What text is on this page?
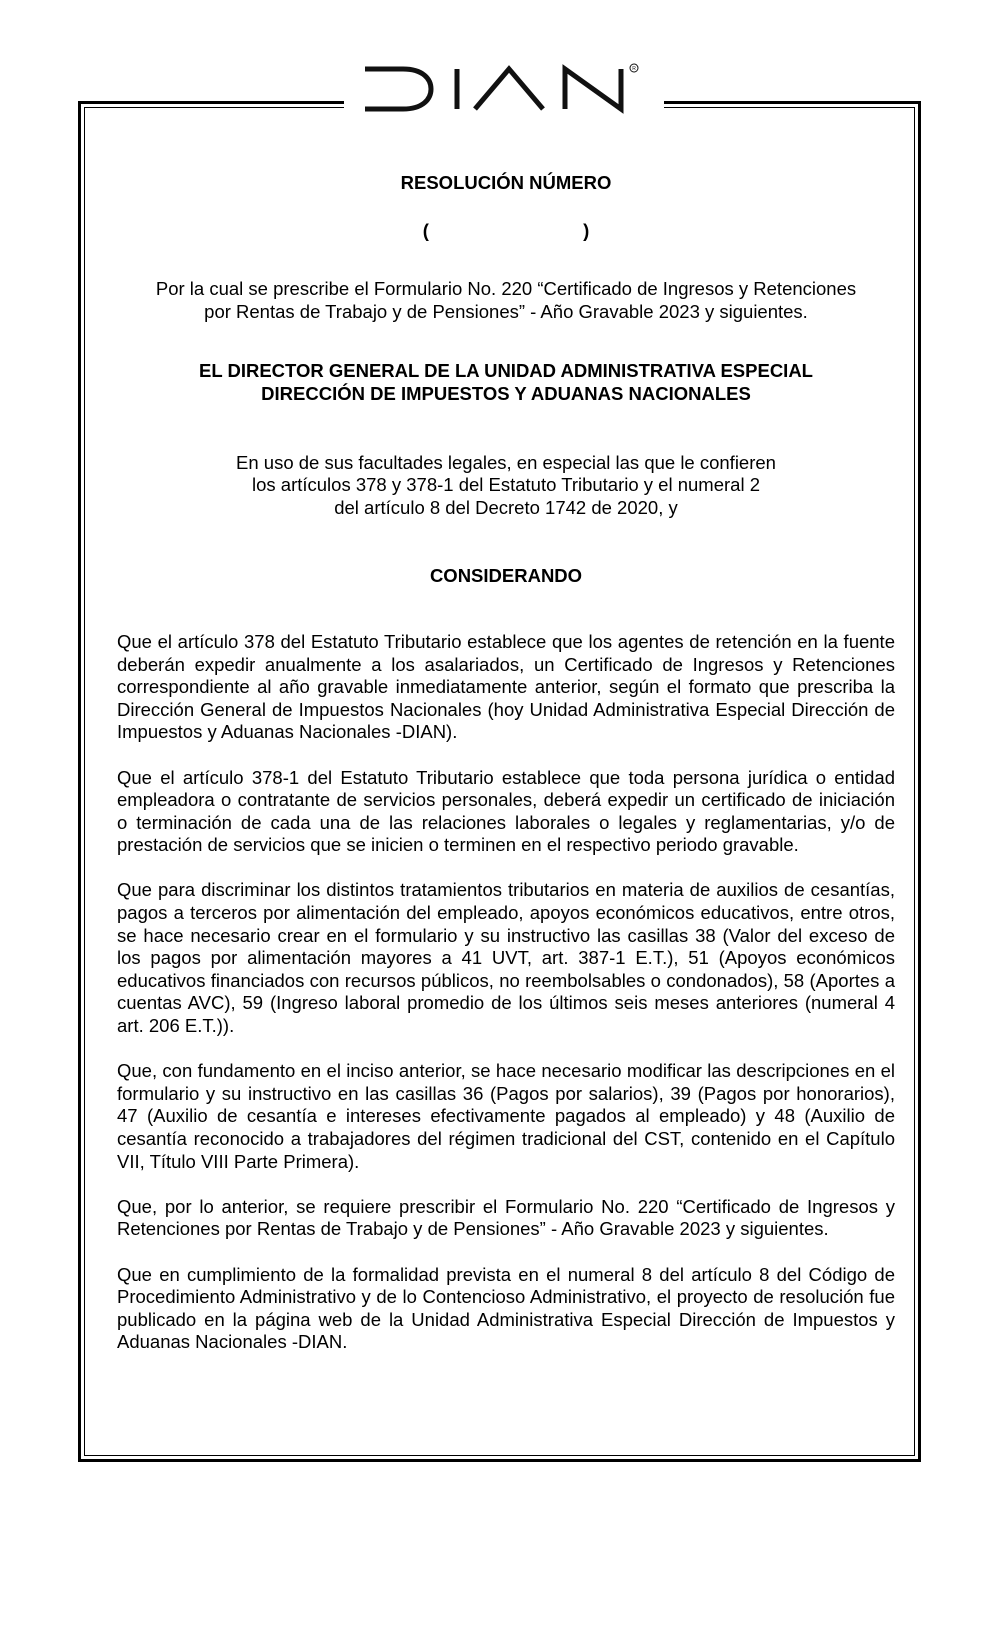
R
DIAN
RESOLUCIÓN NÚMERO
(                              )
Por la cual se prescribe el Formulario No. 220 “Certificado de Ingresos y Retenciones
por Rentas de Trabajo y de Pensiones” - Año Gravable 2023 y siguientes.
EL DIRECTOR GENERAL DE LA UNIDAD ADMINISTRATIVA ESPECIAL
DIRECCIÓN DE IMPUESTOS Y ADUANAS NACIONALES
En uso de sus facultades legales, en especial las que le confieren
los artículos 378 y 378-1 del Estatuto Tributario y el numeral 2
del artículo 8 del Decreto 1742 de 2020, y
CONSIDERANDO

Que el artículo 378 del Estatuto Tributario establece que los agentes de retención en la fuente deberán expedir anualmente a los asalariados, un Certificado de Ingresos y Retenciones correspondiente al año gravable inmediatamente anterior, según el formato que prescriba la Dirección General de Impuestos Nacionales (hoy Unidad Administrativa Especial Dirección de Impuestos y Aduanas Nacionales -DIAN).

Que el artículo 378-1 del Estatuto Tributario establece que toda persona jurídica o entidad empleadora o contratante de servicios personales, deberá expedir un certificado de iniciación o terminación de cada una de las relaciones laborales o legales y reglamentarias, y/o de prestación de servicios que se inicien o terminen en el respectivo periodo gravable.

Que para discriminar los distintos tratamientos tributarios en materia de auxilios de cesantías, pagos a terceros por alimentación del empleado, apoyos económicos educativos, entre otros, se hace necesario crear en el formulario y su instructivo las casillas 38 (Valor del exceso de los pagos por alimentación mayores a 41 UVT, art. 387-1 E.T.), 51 (Apoyos económicos educativos financiados con recursos públicos, no reembolsables o condonados), 58 (Aportes a cuentas AVC), 59 (Ingreso laboral promedio de los últimos seis meses anteriores (numeral 4 art. 206 E.T.)).

Que, con fundamento en el inciso anterior, se hace necesario modificar las descripciones en el formulario y su instructivo en las casillas 36 (Pagos por salarios), 39 (Pagos por honorarios), 47 (Auxilio de cesantía e intereses efectivamente pagados al empleado) y 48 (Auxilio de cesantía reconocido a trabajadores del régimen tradicional del CST, contenido en el Capítulo VII, Título VIII Parte Primera).

Que, por lo anterior, se requiere prescribir el Formulario No. 220 “Certificado de Ingresos y Retenciones por Rentas de Trabajo y de Pensiones” - Año Gravable 2023 y siguientes.

Que en cumplimiento de la formalidad prevista en el numeral 8 del artículo 8 del Código de Procedimiento Administrativo y de lo Contencioso Administrativo, el proyecto de resolución fue publicado en la página web de la Unidad Administrativa Especial Dirección de Impuestos y Aduanas Nacionales -DIAN.
